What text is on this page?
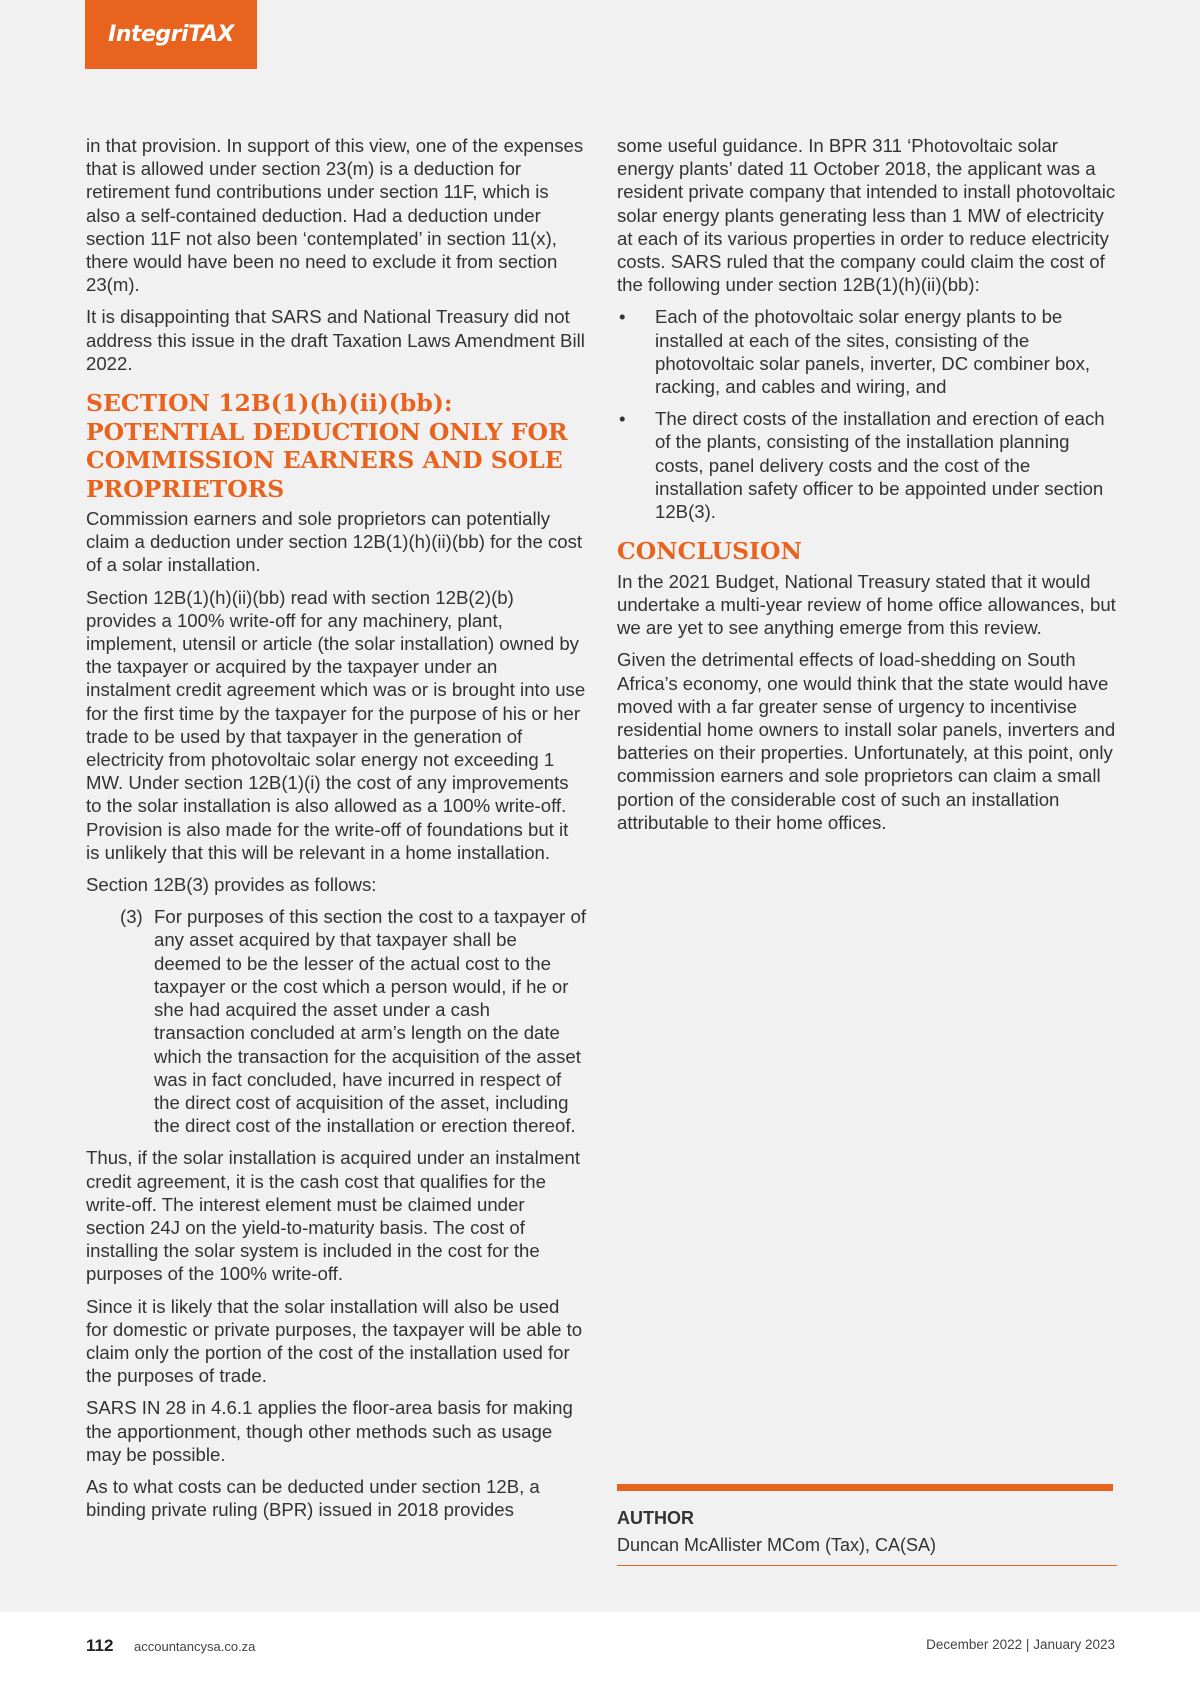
IntegriTAX

in that provision. In support of this view, one of the expenses that is allowed under section 23(m) is a deduction for retirement fund contributions under section 11F, which is also a self-contained deduction. Had a deduction under section 11F not also been ‘contemplated’ in section 11(x), there would have been no need to exclude it from section 23(m).

It is disappointing that SARS and National Treasury did not address this issue in the draft Taxation Laws Amendment Bill 2022.

SECTION 12B(1)(h)(ii)(bb): POTENTIAL DEDUCTION ONLY FOR COMMISSION EARNERS AND SOLE PROPRIETORS

Commission earners and sole proprietors can potentially claim a deduction under section 12B(1)(h)(ii)(bb) for the cost of a solar installation.

Section 12B(1)(h)(ii)(bb) read with section 12B(2)(b) provides a 100% write-off for any machinery, plant, implement, utensil or article (the solar installation) owned by the taxpayer or acquired by the taxpayer under an instalment credit agreement which was or is brought into use for the first time by the taxpayer for the purpose of his or her trade to be used by that taxpayer in the generation of electricity from photovoltaic solar energy not exceeding 1 MW. Under section 12B(1)(i) the cost of any improvements to the solar installation is also allowed as a 100% write-off. Provision is also made for the write-off of foundations but it is unlikely that this will be relevant in a home installation.

Section 12B(3) provides as follows:

(3) For purposes of this section the cost to a taxpayer of any asset acquired by that taxpayer shall be deemed to be the lesser of the actual cost to the taxpayer or the cost which a person would, if he or she had acquired the asset under a cash transaction concluded at arm’s length on the date which the transaction for the acquisition of the asset was in fact concluded, have incurred in respect of the direct cost of acquisition of the asset, including the direct cost of the installation or erection thereof.

Thus, if the solar installation is acquired under an instalment credit agreement, it is the cash cost that qualifies for the write-off. The interest element must be claimed under section 24J on the yield-to-maturity basis. The cost of installing the solar system is included in the cost for the purposes of the 100% write-off.

Since it is likely that the solar installation will also be used for domestic or private purposes, the taxpayer will be able to claim only the portion of the cost of the installation used for the purposes of trade.

SARS IN 28 in 4.6.1 applies the floor-area basis for making the apportionment, though other methods such as usage may be possible.

As to what costs can be deducted under section 12B, a binding private ruling (BPR) issued in 2018 provides

some useful guidance. In BPR 311 ‘Photovoltaic solar energy plants’ dated 11 October 2018, the applicant was a resident private company that intended to install photovoltaic solar energy plants generating less than 1 MW of electricity at each of its various properties in order to reduce electricity costs. SARS ruled that the company could claim the cost of the following under section 12B(1)(h)(ii)(bb):

•	Each of the photovoltaic solar energy plants to be installed at each of the sites, consisting of the photovoltaic solar panels, inverter, DC combiner box, racking, and cables and wiring, and
•	The direct costs of the installation and erection of each of the plants, consisting of the installation planning costs, panel delivery costs and the cost of the installation safety officer to be appointed under section 12B(3).
CONCLUSION

In the 2021 Budget, National Treasury stated that it would undertake a multi-year review of home office allowances, but we are yet to see anything emerge from this review.

Given the detrimental effects of load-shedding on South Africa’s economy, one would think that the state would have moved with a far greater sense of urgency to incentivise residential home owners to install solar panels, inverters and batteries on their properties. Unfortunately, at this point, only commission earners and sole proprietors can claim a small portion of the considerable cost of such an installation attributable to their home offices.

AUTHOR
Duncan McAllister MCom (Tax), CA(SA)
112 accountancysa.co.za	December 2022 | January 2023
